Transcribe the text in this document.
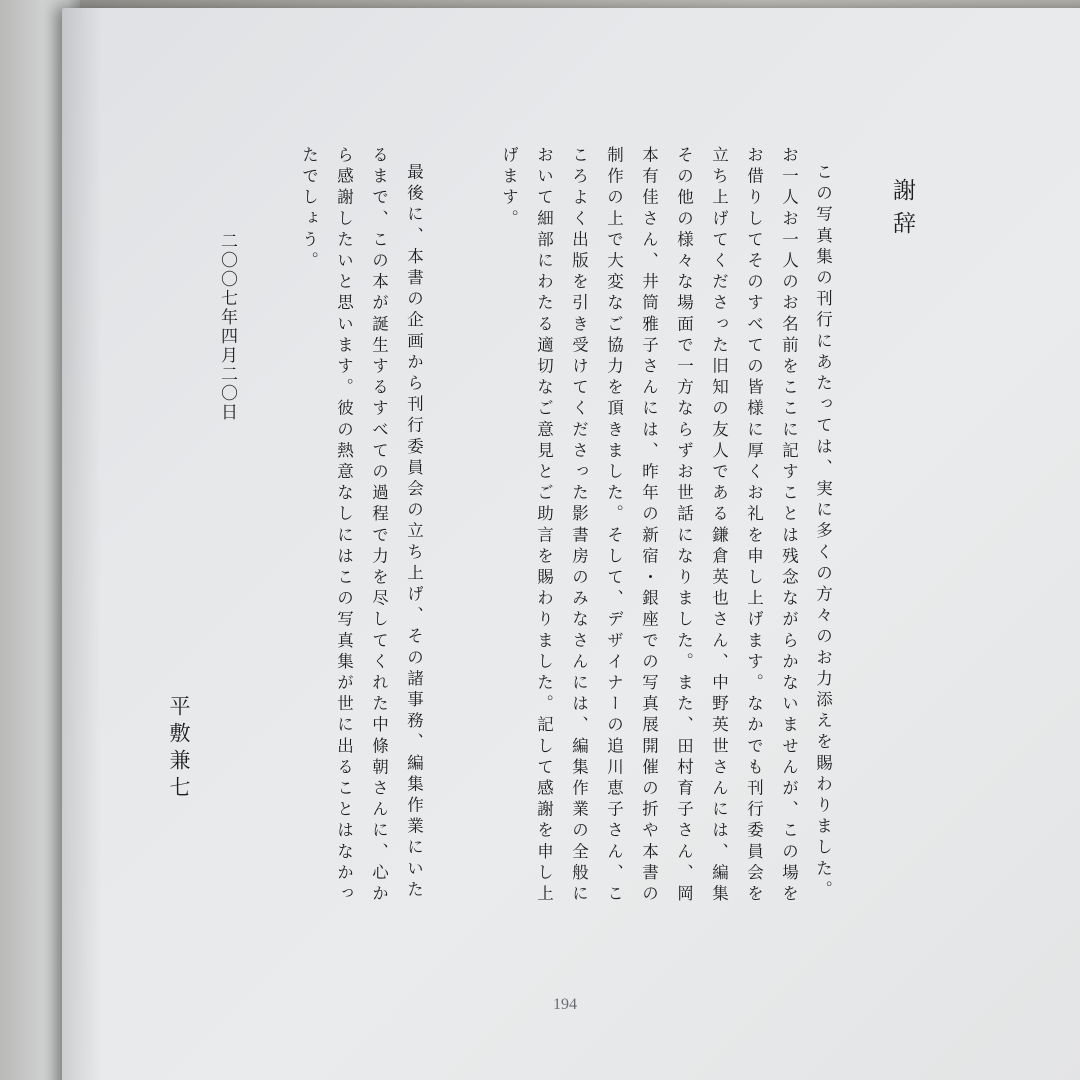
謝辞
この写真集の刊行にあたっては、実に多くの方々のお力添えを賜わりました。
お一人お一人のお名前をここに記すことは残念ながらかないませんが、この場を
お借りしてそのすべての皆様に厚くお礼を申し上げます。なかでも刊行委員会を
立ち上げてくださった旧知の友人である鎌倉英也さん、中野英世さんには、編集
その他の様々な場面で一方ならずお世話になりました。また、田村育子さん、岡
本有佳さん、井筒雅子さんには、昨年の新宿・銀座での写真展開催の折や本書の
制作の上で大変なご協力を頂きました。そして、デザイナーの追川恵子さん、こ
ころよく出版を引き受けてくださった影書房のみなさんには、編集作業の全般に
おいて細部にわたる適切なご意見とご助言を賜わりました。記して感謝を申し上
げます。
最後に、本書の企画から刊行委員会の立ち上げ、その諸事務、編集作業にいた
るまで、この本が誕生するすべての過程で力を尽してくれた中條朝さんに、心か
ら感謝したいと思います。彼の熱意なしにはこの写真集が世に出ることはなかっ
たでしょう。
二〇〇七年四月二〇日
平敷兼七
194
